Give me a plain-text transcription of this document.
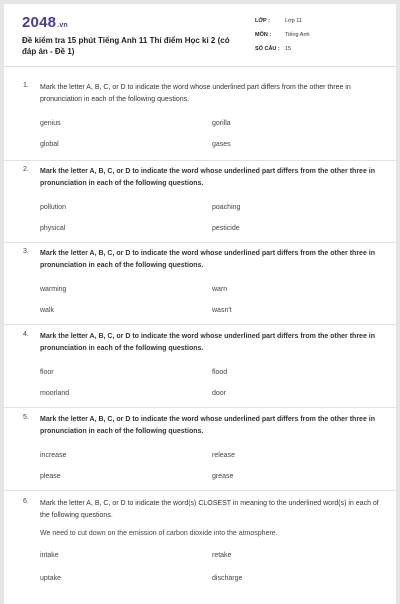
2048.vn
Đề kiểm tra 15 phút Tiếng Anh 11 Thí điểm Học kì 2 (có đáp án - Đề 1)
LỚP :	Lớp 11
MÔN :	Tiếng Anh
SỐ CÂU : 15
1. Mark the letter A, B, C, or D to indicate the word whose underlined part differs from the other three in pronunciation in each of the following questions.
genius	gorilla
global	gases
2. Mark the letter A, B, C, or D to indicate the word whose underlined part differs from the other three in pronunciation in each of the following questions.
pollution	poaching
physical	pesticide
3. Mark the letter A, B, C, or D to indicate the word whose underlined part differs from the other three in pronunciation in each of the following questions.
warming	warn
walk	wasn't
4. Mark the letter A, B, C, or D to indicate the word whose underlined part differs from the other three in pronunciation in each of the following questions.
floor	flood
moorland	door
5. Mark the letter A, B, C, or D to indicate the word whose underlined part differs from the other three in pronunciation in each of the following questions.
increase	release
please	grease
6. Mark the letter A, B, C, or D to indicate the word(s) CLOSEST in meaning to the underlined word(s) in each of the following questions.
We need to cut down on the emission of carbon dioxide into the atmosphere.
intake	retake
uptake	discharge
